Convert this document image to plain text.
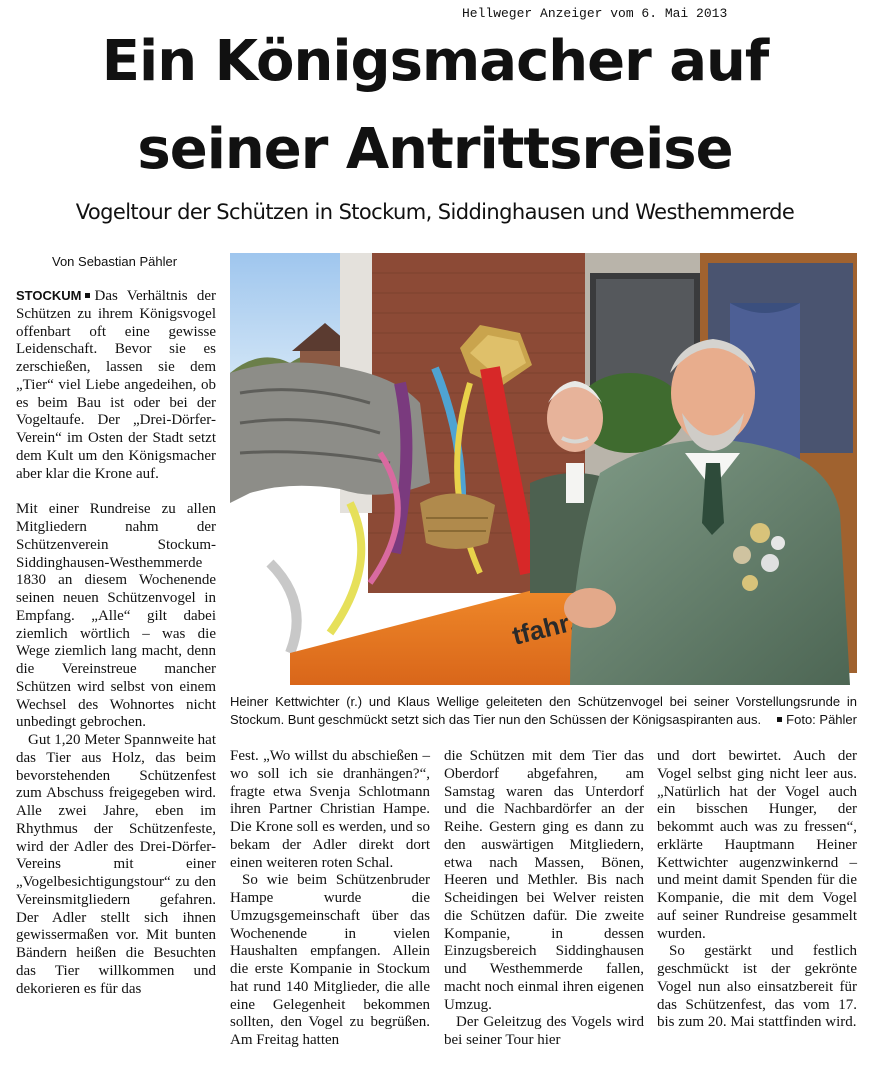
Hellweger Anzeiger vom 6. Mai 2013
Ein Königsmacher auf
seiner Antrittsreise
Vogeltour der Schützen in Stockum, Siddinghausen und Westhemmerde
Von Sebastian Pähler

STOCKUM Das Verhältnis der Schützen zu ihrem Königsvogel offenbart oft eine gewisse Leidenschaft. Bevor sie es zerschießen, lassen sie dem „Tier“ viel Liebe angedeihen, ob es beim Bau ist oder bei der Vogeltaufe. Der „Drei-Dörfer-Verein“ im Osten der Stadt setzt dem Kult um den Königsmacher aber klar die Krone auf.

Mit einer Rundreise zu allen Mitgliedern nahm der Schützenverein Stockum-Siddinghausen-Westhemmerde 1830 an diesem Wochenende seinen neuen Schützenvogel in Empfang. „Alle“ gilt dabei ziemlich wörtlich – was die Wege ziemlich lang macht, denn die Vereinstreue mancher Schützen wird selbst von einem Wechsel des Wohnortes nicht unbedingt gebrochen.

Gut 1,20 Meter Spannweite hat das Tier aus Holz, das beim bevorstehenden Schützenfest zum Abschuss freigegeben wird. Alle zwei Jahre, eben im Rhythmus der Schützenfeste, wird der Adler des Drei-Dörfer-Vereins mit einer „Vogelbesichtigungstour“ zu den Vereinsmitgliedern gefahren. Der Adler stellt sich ihnen gewissermaßen vor. Mit bunten Bändern heißen die Besuchten das Tier willkommen und dekorieren es für das

Heiner Kettwichter (r.) und Klaus Wellige geleiteten den Schützenvogel bei seiner Vorstellungsrunde in Stockum. Bunt geschmückt setzt sich das Tier nun den Schüssen der Königsaspiranten aus.	Foto: Pähler

Fest. „Wo willst du abschießen – wo soll ich sie dranhängen?“, fragte etwa Svenja Schlotmann ihren Partner Christian Hampe. Die Krone soll es werden, und so bekam der Adler direkt dort einen weiteren roten Schal.

So wie beim Schützenbruder Hampe wurde die Umzugsgemeinschaft über das Wochenende in vielen Haushalten empfangen. Allein die erste Kompanie in Stockum hat rund 140 Mitglieder, die alle eine Gelegenheit bekommen sollten, den Vogel zu begrüßen. Am Freitag hatten

die Schützen mit dem Tier das Oberdorf abgefahren, am Samstag waren das Unterdorf und die Nachbardörfer an der Reihe. Gestern ging es dann zu den auswärtigen Mitgliedern, etwa nach Massen, Bönen, Heeren und Methler. Bis nach Scheidingen bei Welver reisten die Schützen dafür. Die zweite Kompanie, in dessen Einzugsbereich Siddinghausen und Westhemmerde fallen, macht noch einmal ihren eigenen Umzug.

Der Geleitzug des Vogels wird bei seiner Tour hier

und dort bewirtet. Auch der Vogel selbst ging nicht leer aus. „Natürlich hat der Vogel auch ein bisschen Hunger, der bekommt auch was zu fressen“, erklärte Hauptmann Heiner Kettwichter augenzwinkernd – und meint damit Spenden für die Kompanie, die mit dem Vogel auf seiner Rundreise gesammelt wurden.

So gestärkt und festlich geschmückt ist der gekrönte Vogel nun also einsatzbereit für das Schützenfest, das vom 17. bis zum 20. Mai stattfinden wird.
